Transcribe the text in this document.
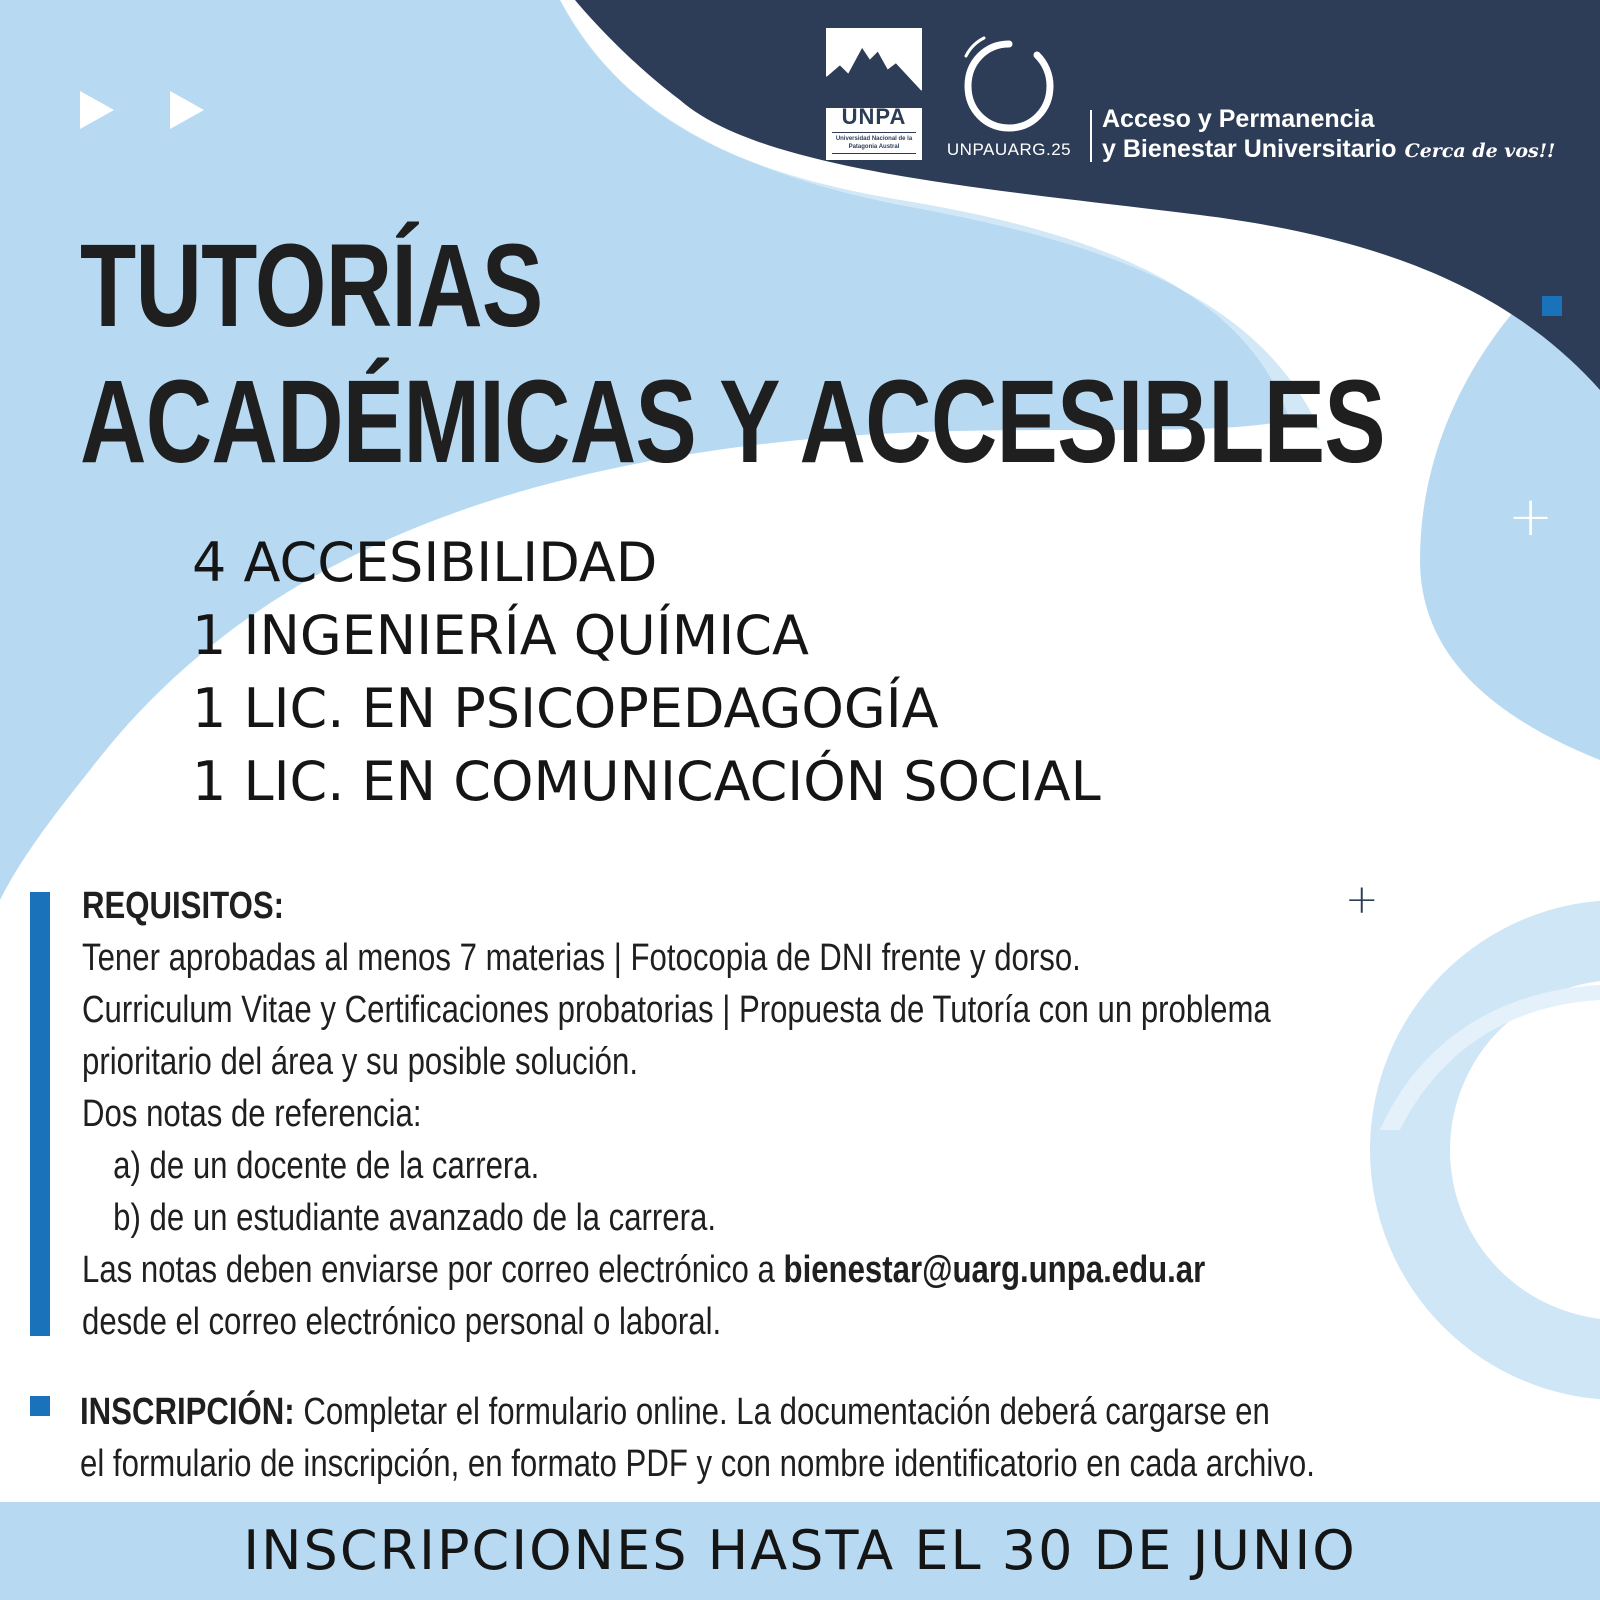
UNPA
Universidad Nacional de la Patagonia Austral	UNPAUARG.25
Acceso y Permanencia
y Bienestar Universitario Cerca de vos!!
+
+
TUTORÍAS
ACADÉMICAS Y ACCESIBLES
4 ACCESIBILIDAD
1 INGENIERÍA QUÍMICA
1 LIC. EN PSICOPEDAGOGÍA
1 LIC. EN COMUNICACIÓN SOCIAL
REQUISITOS:
Tener aprobadas al menos 7 materias | Fotocopia de DNI frente y dorso.
Curriculum Vitae y Certificaciones probatorias | Propuesta de Tutoría con un problema
prioritario del área y su posible solución.
Dos notas de referencia:
a) de un docente de la carrera.
b) de un estudiante avanzado de la carrera.
Las notas deben enviarse por correo electrónico a bienestar@uarg.unpa.edu.ar
desde el correo electrónico personal o laboral.
INSCRIPCIÓN: Completar el formulario online. La documentación deberá cargarse en
el formulario de inscripción, en formato PDF y con nombre identificatorio en cada archivo.
INSCRIPCIONES HASTA EL 30 DE JUNIO
